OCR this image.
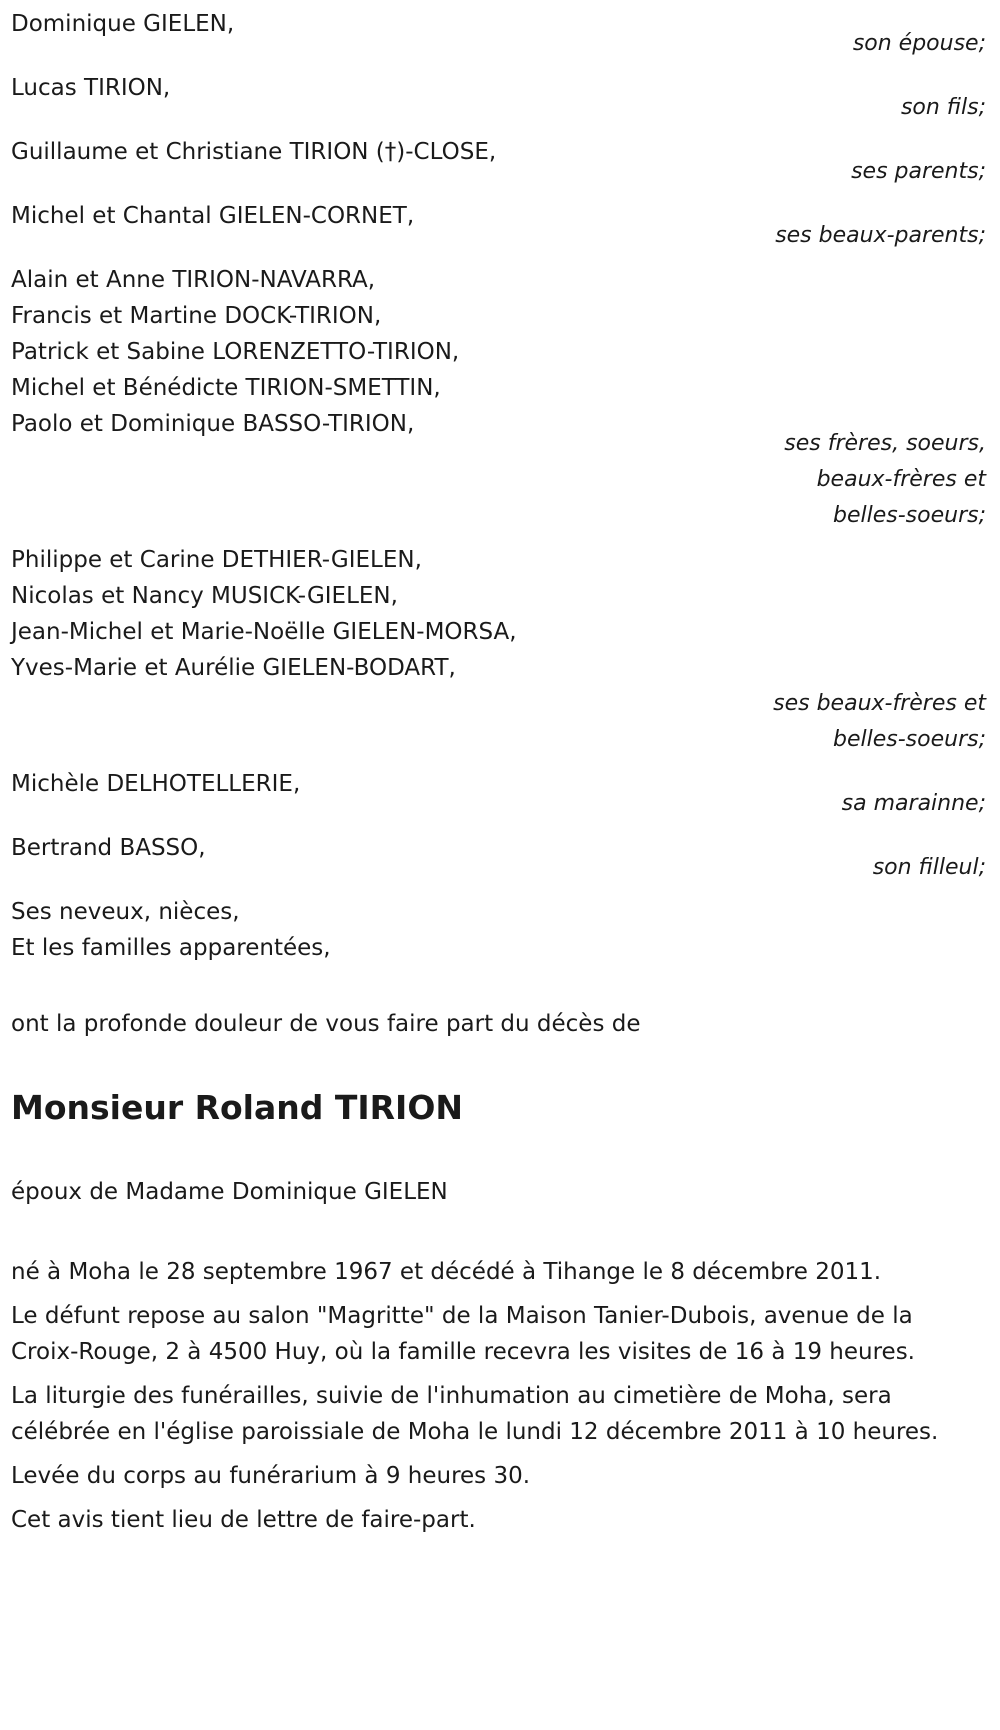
Dominique GIELEN,
son épouse;
Lucas TIRION,
son fils;
Guillaume et Christiane TIRION (†)-CLOSE,
ses parents;
Michel et Chantal GIELEN-CORNET,
ses beaux-parents;
Alain et Anne TIRION-NAVARRA,
Francis et Martine DOCK-TIRION,
Patrick et Sabine LORENZETTO-TIRION,
Michel et Bénédicte TIRION-SMETTIN,
Paolo et Dominique BASSO-TIRION,
ses frères, soeurs,
beaux-frères et
belles-soeurs;
Philippe et Carine DETHIER-GIELEN,
Nicolas et Nancy MUSICK-GIELEN,
Jean-Michel et Marie-Noëlle GIELEN-MORSA,
Yves-Marie et Aurélie GIELEN-BODART,
ses beaux-frères et
belles-soeurs;
Michèle DELHOTELLERIE,
sa marainne;
Bertrand BASSO,
son filleul;
Ses neveux, nièces,
Et les familles apparentées,
ont la profonde douleur de vous faire part du décès de
Monsieur Roland TIRION
époux de Madame Dominique GIELEN
né à Moha le 28 septembre 1967 et décédé à Tihange le 8 décembre 2011.
Le défunt repose au salon "Magritte" de la Maison Tanier-Dubois, avenue de la Croix-Rouge, 2 à 4500 Huy, où la famille recevra les visites de 16 à 19 heures.
La liturgie des funérailles, suivie de l'inhumation au cimetière de Moha, sera célébrée en l'église paroissiale de Moha le lundi 12 décembre 2011 à 10 heures.
Levée du corps au funérarium à 9 heures 30.
Cet avis tient lieu de lettre de faire-part.
